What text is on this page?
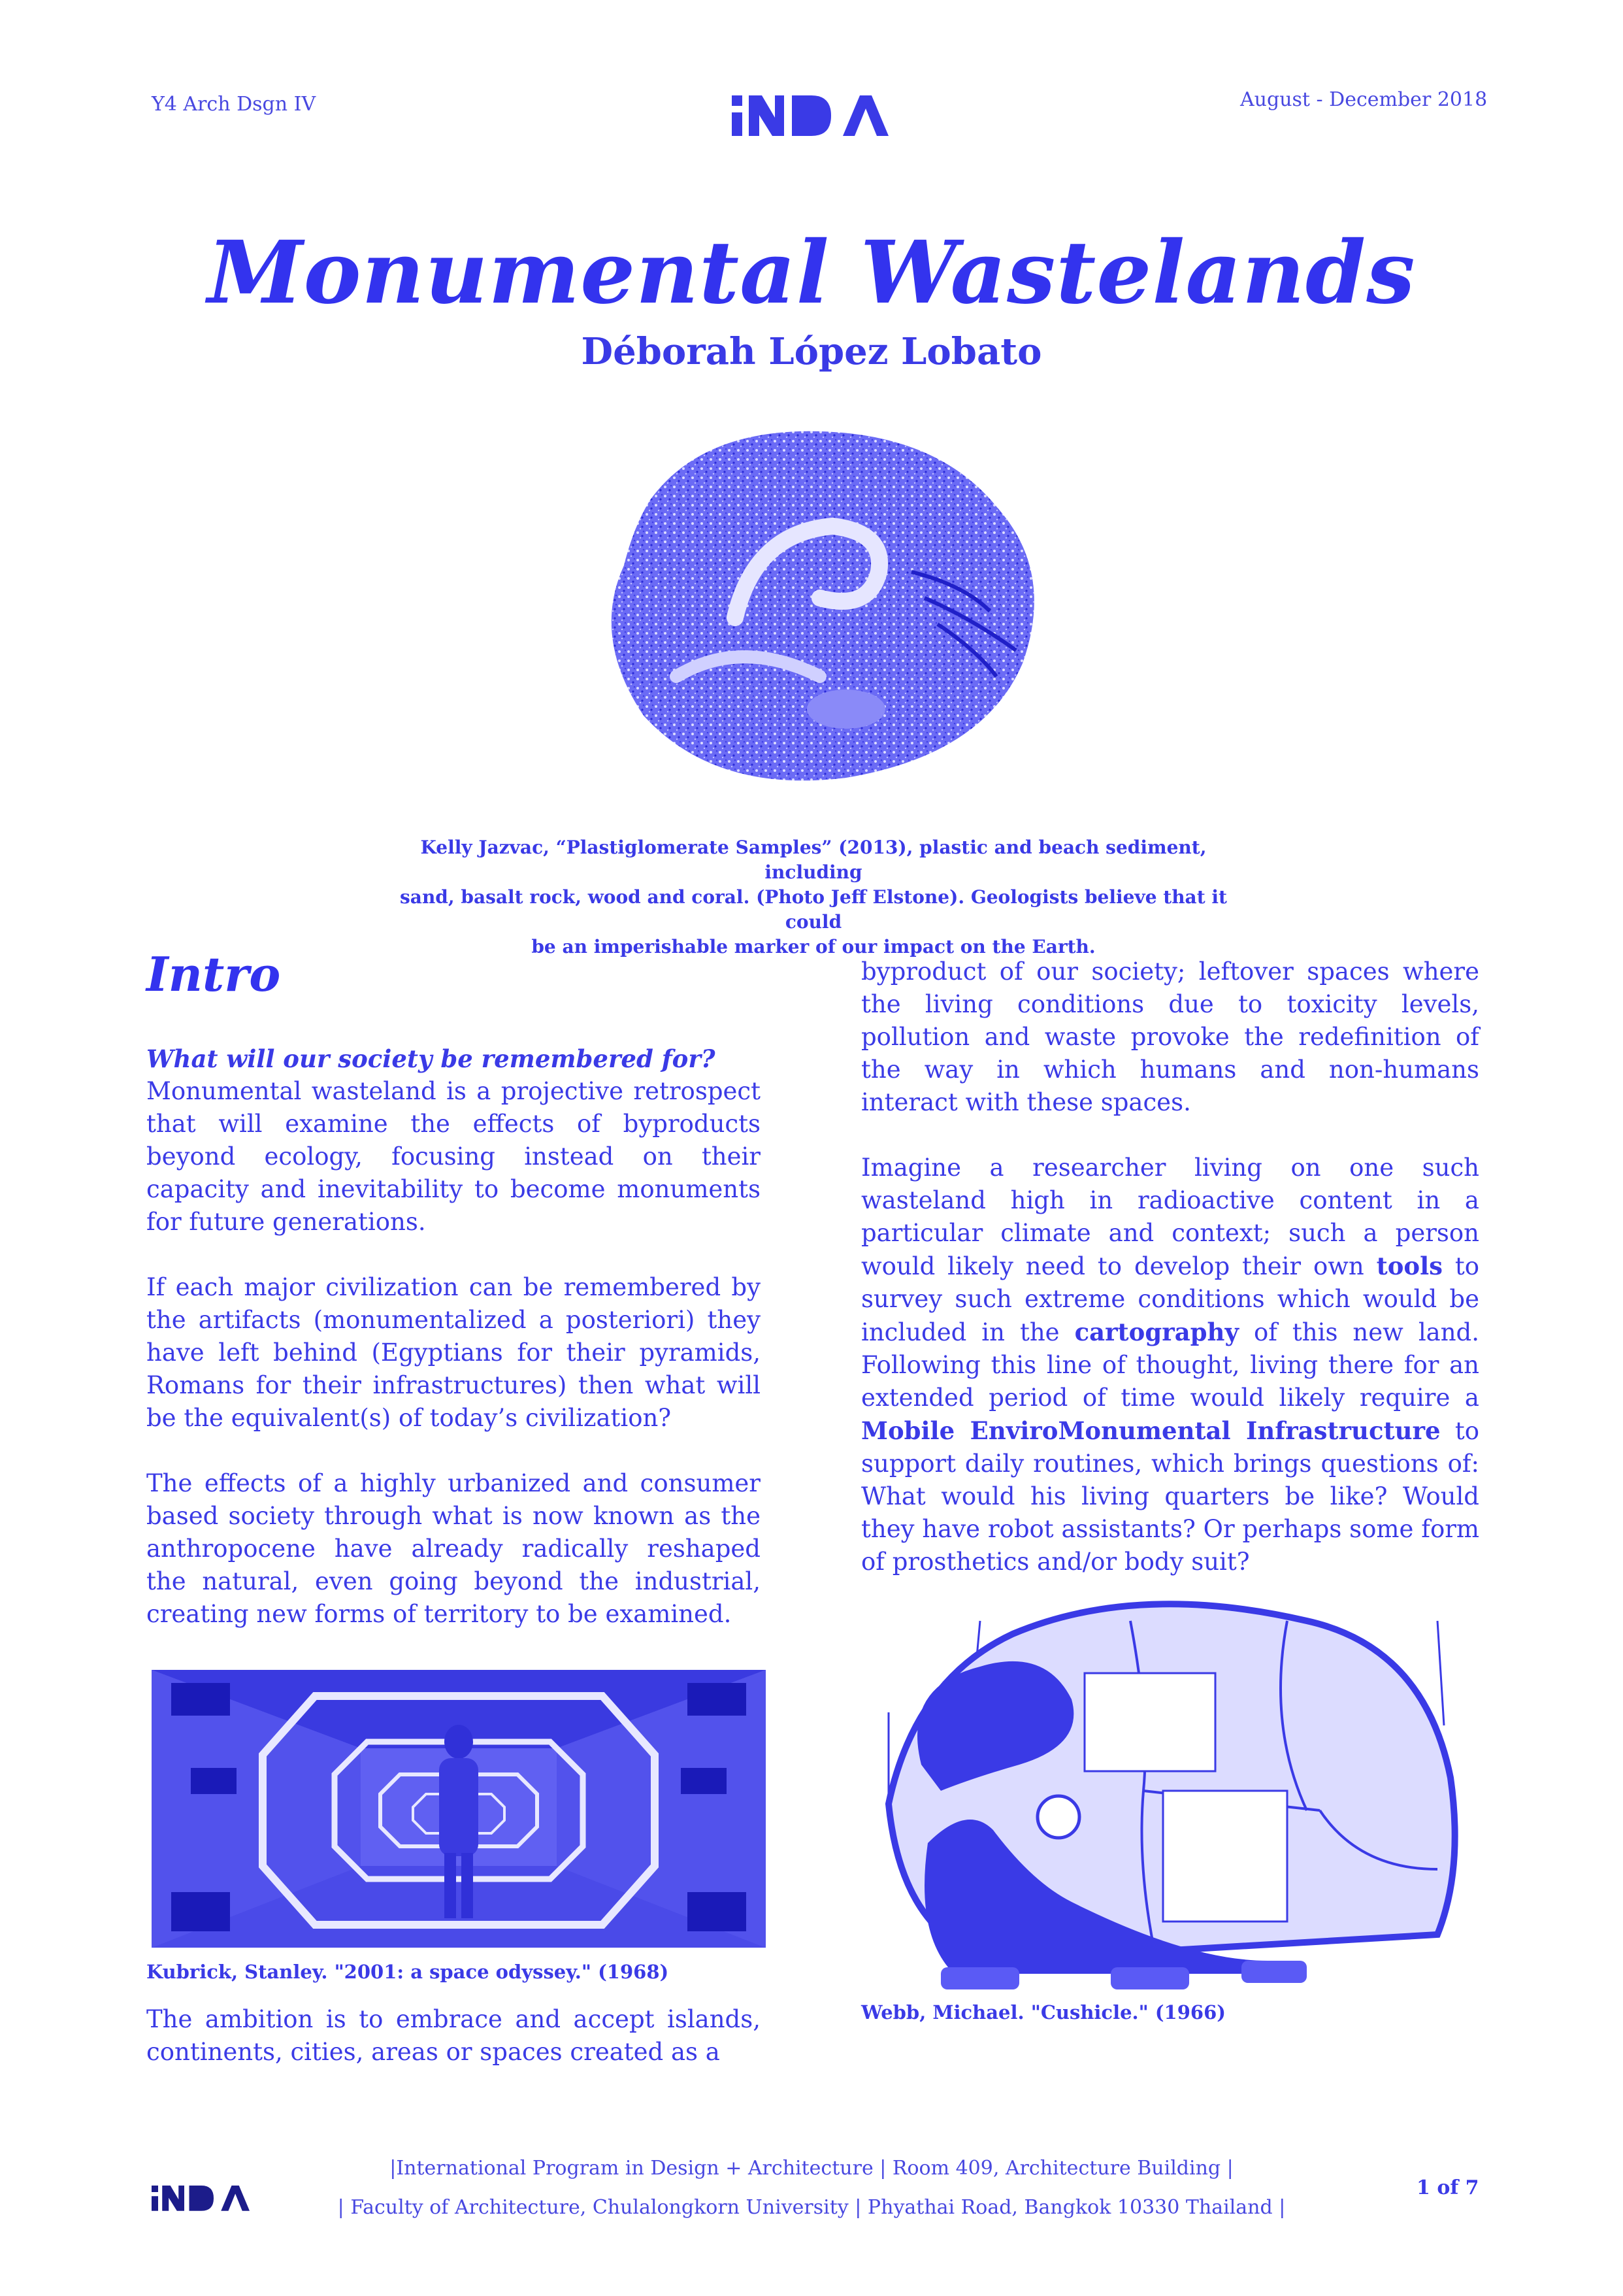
Y4 Arch Dsgn IV	August - December 2018
Monumental Wastelands
Déborah López Lobato
Kelly Jazvac, “Plastiglomerate Samples” (2013), plastic and beach sediment, including
sand, basalt rock, wood and coral. (Photo Jeff Elstone). Geologists believe that it could
be an imperishable marker of our impact on the Earth.
Intro
What will our society be remembered for?

Monumental wasteland is a projective retrospect that will examine the effects of byproducts beyond ecology, focusing instead on their capacity and inevitability to become monuments for future generations.

If each major civilization can be remembered by the artifacts (monumentalized a posteriori) they have left behind (Egyptians for their pyramids, Romans for their infrastructures) then what will be the equivalent(s) of today’s civilization?

The effects of a highly urbanized and consumer based society through what is now known as the anthropocene have already radically reshaped the natural, even going beyond the industrial, creating new forms of territory to be examined.

Kubrick, Stanley. "2001: a space odyssey." (1968)

The ambition is to embrace and accept islands, continents, cities, areas or spaces created as a

byproduct of our society; leftover spaces where the living conditions due to toxicity levels, pollution and waste provoke the redefinition of the way in which humans and non-humans interact with these spaces.

Imagine a researcher living on one such wasteland high in radioactive content in a particular climate and context; such a person would likely need to develop their own tools to survey such extreme conditions which would be included in the cartography of this new land. Following this line of thought, living there for an extended period of time would likely require a Mobile EnviroMonumental Infrastructure to support daily routines, which brings questions of: What would his living quarters be like? Would they have robot assistants? Or perhaps some form of prosthetics and/or body suit?

Webb, Michael. "Cushicle." (1966)
|International Program in Design + Architecture | Room 409, Architecture Building |
| Faculty of Architecture, Chulalongkorn University | Phyathai Road, Bangkok 10330 Thailand |
1 of 7
